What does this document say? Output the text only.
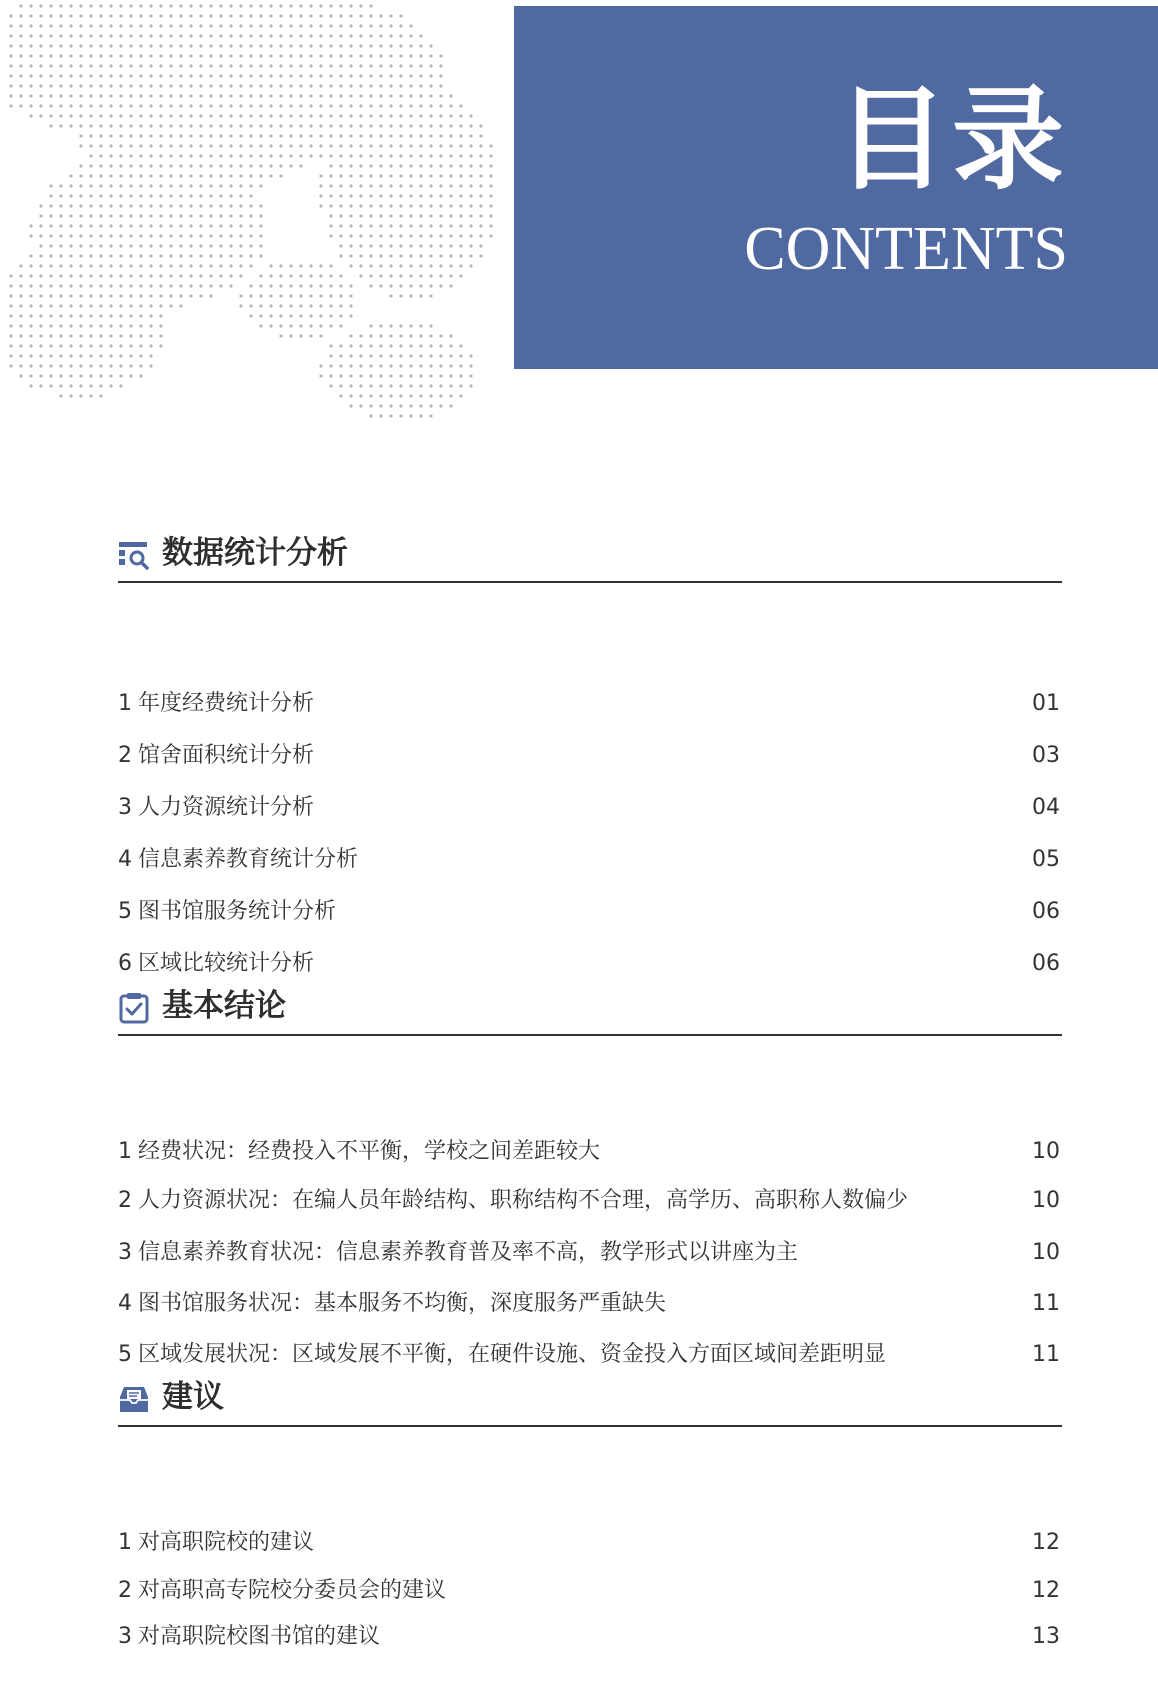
目录
CONTENTS
数据统计分析
1 年度经费统计分析	01
2 馆舍面积统计分析	03
3 人力资源统计分析	04
4 信息素养教育统计分析	05
5 图书馆服务统计分析	06
6 区域比较统计分析	06
基本结论
1 经费状况：经费投入不平衡，学校之间差距较大	10
2 人力资源状况：在编人员年龄结构、职称结构不合理，高学历、高职称人数偏少	10
3 信息素养教育状况：信息素养教育普及率不高，教学形式以讲座为主	10
4 图书馆服务状况：基本服务不均衡，深度服务严重缺失	11
5 区域发展状况：区域发展不平衡，在硬件设施、资金投入方面区域间差距明显	11
建议
1 对高职院校的建议	12
2 对高职高专院校分委员会的建议	12
3 对高职院校图书馆的建议	13
